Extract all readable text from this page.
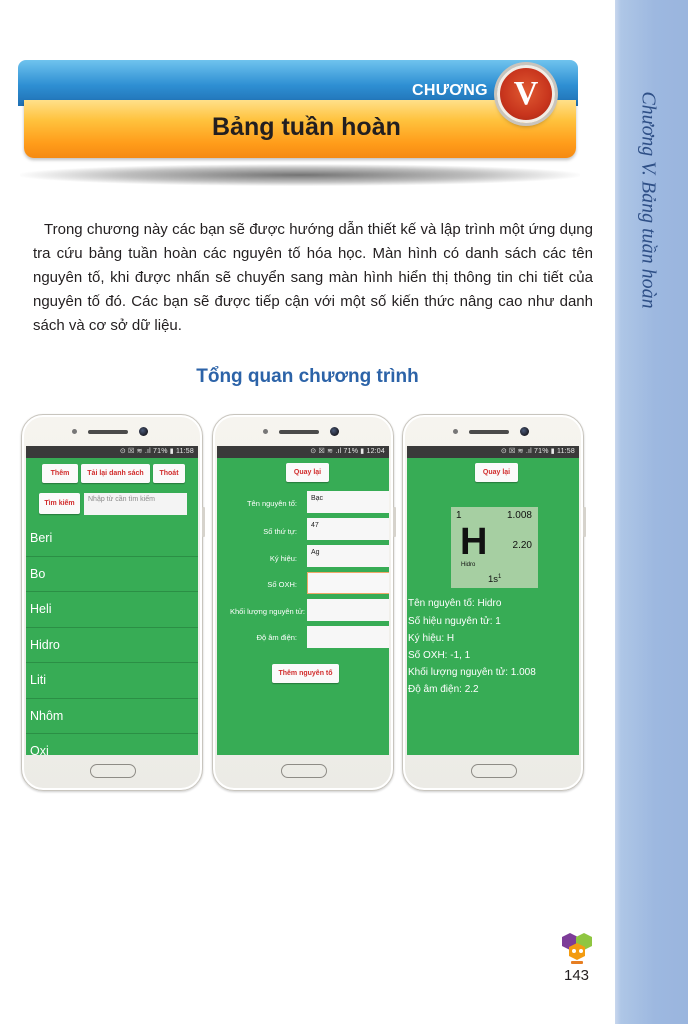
Chương V. Bảng tuần hoàn
CHƯƠNG
Bảng tuần hoàn
V

Trong chương này các bạn sẽ được hướng dẫn thiết kế và lập trình một ứng dụng tra cứu bảng tuần hoàn các nguyên tố hóa học. Màn hình có danh sách các tên nguyên tố, khi được nhấn sẽ chuyển sang màn hình hiển thị thông tin chi tiết của nguyên tố đó. Các bạn sẽ được tiếp cận với một số kiến thức nâng cao như danh sách và cơ sở dữ liệu.

Tổng quan chương trình
⊙ ☒ ≋ .ıl 71% ▮ 11:58
Thêm	Tải lại danh sách	Thoát
Tìm kiếm
Nhập từ cần tìm kiếm
Beri
Bo
Heli
Hidro
Liti
Nhôm
Oxi
⊙ ☒ ≋ .ıl 71% ▮ 12:04
Quay lại
Tên nguyên tố:
Bạc
Số thứ tự:
47
Ký hiệu:
Ag
Số OXH:
Khối lượng nguyên tử:
Độ âm điện:
Thêm nguyên tố
⊙ ☒ ≋ .ıl 71% ▮ 11:58
Quay lại
1	1.008
H	2.20
Hidro
$1s^1$
Tên nguyên tố: Hidro
Số hiệu nguyên tử: 1
Ký hiệu: H
Số OXH: -1, 1
Khối lượng nguyên tử: 1.008
Độ âm điện: 2.2
143
